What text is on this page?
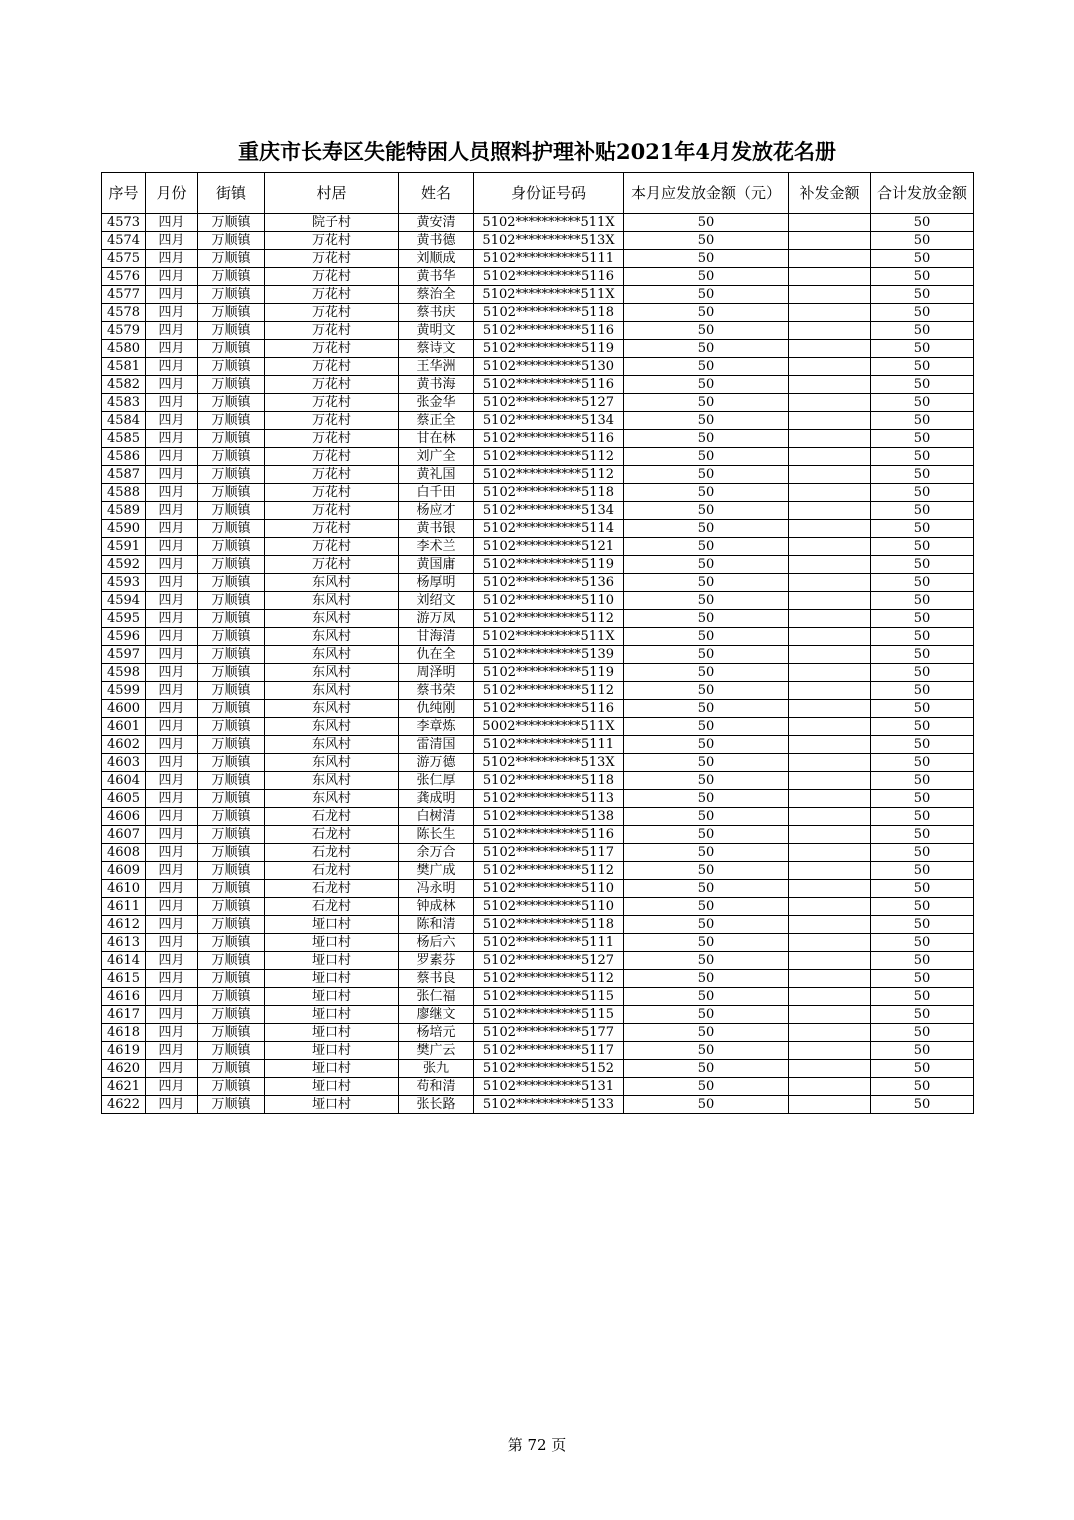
重庆市长寿区失能特困人员照料护理补贴2021年4月发放花名册
序号	月份	街镇	村居	姓名	身份证号码	本月应发放金额（元）	补发金额	合计发放金额
4573	四月	万顺镇	院子村	黄安清	5102**********511X	50		50
4574	四月	万顺镇	万花村	黄书德	5102**********513X	50		50
4575	四月	万顺镇	万花村	刘顺成	5102**********5111	50		50
4576	四月	万顺镇	万花村	黄书华	5102**********5116	50		50
4577	四月	万顺镇	万花村	蔡治全	5102**********511X	50		50
4578	四月	万顺镇	万花村	蔡书庆	5102**********5118	50		50
4579	四月	万顺镇	万花村	黄明文	5102**********5116	50		50
4580	四月	万顺镇	万花村	蔡诗文	5102**********5119	50		50
4581	四月	万顺镇	万花村	王华洲	5102**********5130	50		50
4582	四月	万顺镇	万花村	黄书海	5102**********5116	50		50
4583	四月	万顺镇	万花村	张金华	5102**********5127	50		50
4584	四月	万顺镇	万花村	蔡正全	5102**********5134	50		50
4585	四月	万顺镇	万花村	甘在林	5102**********5116	50		50
4586	四月	万顺镇	万花村	刘广全	5102**********5112	50		50
4587	四月	万顺镇	万花村	黄礼国	5102**********5112	50		50
4588	四月	万顺镇	万花村	白千田	5102**********5118	50		50
4589	四月	万顺镇	万花村	杨应才	5102**********5134	50		50
4590	四月	万顺镇	万花村	黄书银	5102**********5114	50		50
4591	四月	万顺镇	万花村	李术兰	5102**********5121	50		50
4592	四月	万顺镇	万花村	黄国庸	5102**********5119	50		50
4593	四月	万顺镇	东风村	杨厚明	5102**********5136	50		50
4594	四月	万顺镇	东风村	刘绍文	5102**********5110	50		50
4595	四月	万顺镇	东风村	游万凤	5102**********5112	50		50
4596	四月	万顺镇	东风村	甘海清	5102**********511X	50		50
4597	四月	万顺镇	东风村	仇在全	5102**********5139	50		50
4598	四月	万顺镇	东风村	周泽明	5102**********5119	50		50
4599	四月	万顺镇	东风村	蔡书荣	5102**********5112	50		50
4600	四月	万顺镇	东风村	仇纯刚	5102**********5116	50		50
4601	四月	万顺镇	东风村	李章炼	5002**********511X	50		50
4602	四月	万顺镇	东风村	雷清国	5102**********5111	50		50
4603	四月	万顺镇	东风村	游万德	5102**********513X	50		50
4604	四月	万顺镇	东风村	张仁厚	5102**********5118	50		50
4605	四月	万顺镇	东风村	龚成明	5102**********5113	50		50
4606	四月	万顺镇	石龙村	白树清	5102**********5138	50		50
4607	四月	万顺镇	石龙村	陈长生	5102**********5116	50		50
4608	四月	万顺镇	石龙村	余万合	5102**********5117	50		50
4609	四月	万顺镇	石龙村	樊广成	5102**********5112	50		50
4610	四月	万顺镇	石龙村	冯永明	5102**********5110	50		50
4611	四月	万顺镇	石龙村	钟成林	5102**********5110	50		50
4612	四月	万顺镇	垭口村	陈和清	5102**********5118	50		50
4613	四月	万顺镇	垭口村	杨后六	5102**********5111	50		50
4614	四月	万顺镇	垭口村	罗素芬	5102**********5127	50		50
4615	四月	万顺镇	垭口村	蔡书良	5102**********5112	50		50
4616	四月	万顺镇	垭口村	张仁福	5102**********5115	50		50
4617	四月	万顺镇	垭口村	廖继文	5102**********5115	50		50
4618	四月	万顺镇	垭口村	杨培元	5102**********5177	50		50
4619	四月	万顺镇	垭口村	樊广云	5102**********5117	50		50
4620	四月	万顺镇	垭口村	张九	5102**********5152	50		50
4621	四月	万顺镇	垭口村	苟和清	5102**********5131	50		50
4622	四月	万顺镇	垭口村	张长路	5102**********5133	50		50
第 72 页
